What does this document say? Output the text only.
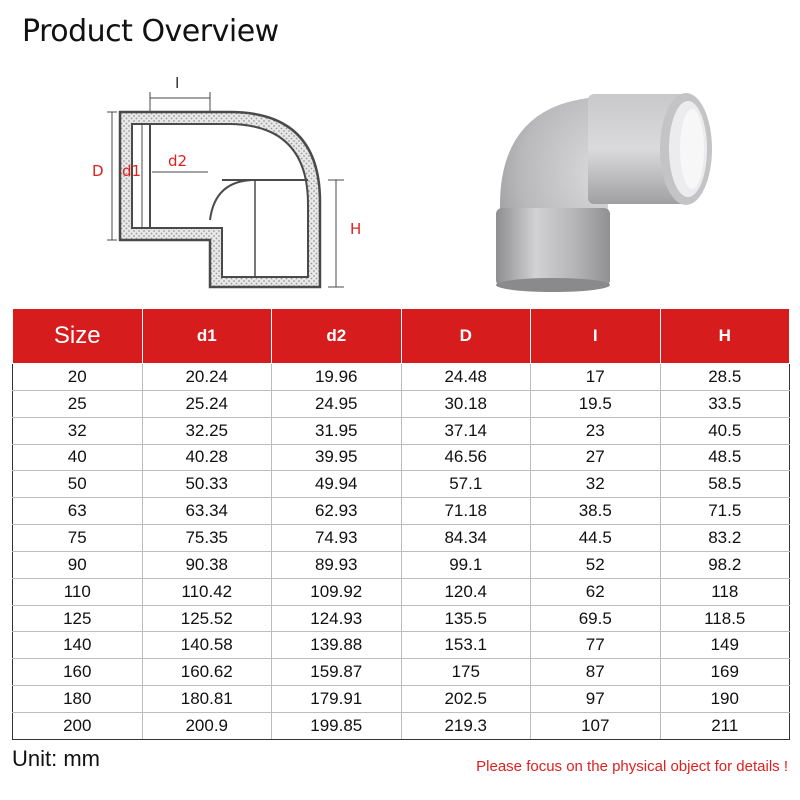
Product Overview
D d1
d2
I
H
Size	d1	d2	D	I	H
20	20.24	19.96	24.48	17	28.5
25	25.24	24.95	30.18	19.5	33.5
32	32.25	31.95	37.14	23	40.5
40	40.28	39.95	46.56	27	48.5
50	50.33	49.94	57.1	32	58.5
63	63.34	62.93	71.18	38.5	71.5
75	75.35	74.93	84.34	44.5	83.2
90	90.38	89.93	99.1	52	98.2
110	110.42	109.92	120.4	62	118
125	125.52	124.93	135.5	69.5	118.5
140	140.58	139.88	153.1	77	149
160	160.62	159.87	175	87	169
180	180.81	179.91	202.5	97	190
200	200.9	199.85	219.3	107	211
Unit: mm	Please focus on the physical object for details !
